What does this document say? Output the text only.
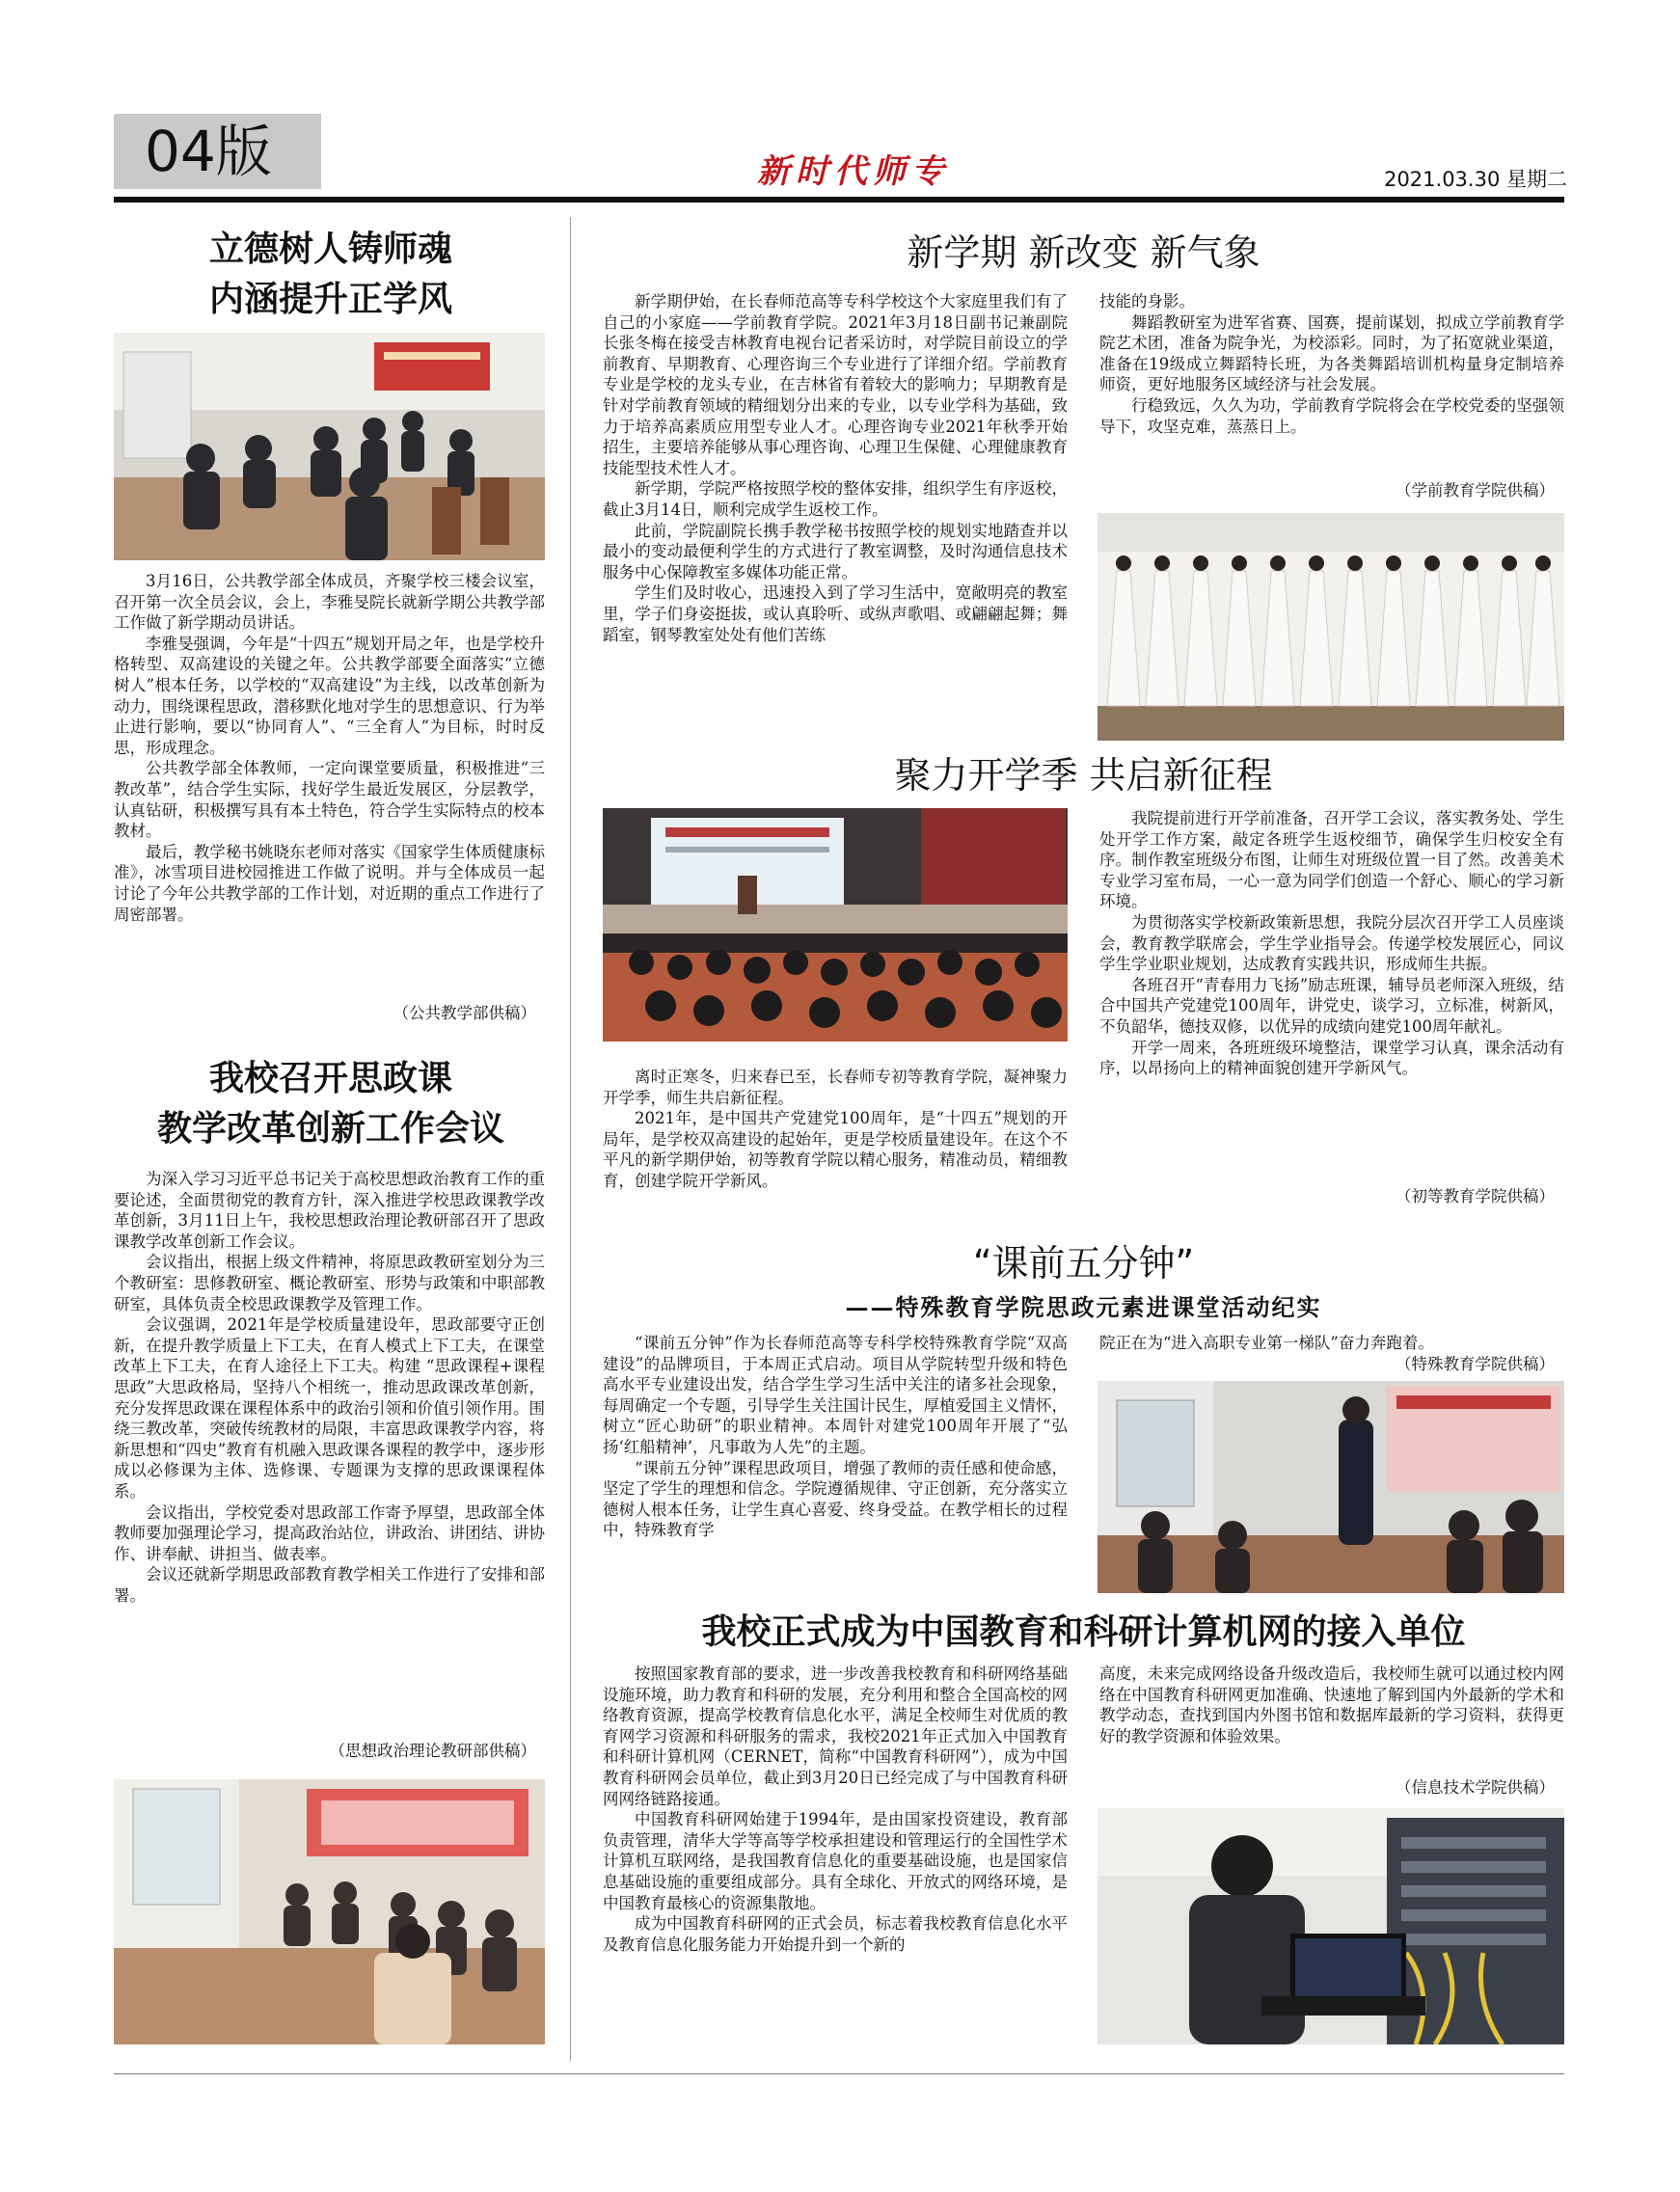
04版	新时代师专	2021.03.30 星期二
立德树人铸师魂
内涵提升正学风

3月16日，公共教学部全体成员，齐聚学校三楼会议室，召开第一次全员会议，会上，李雅旻院长就新学期公共教学部工作做了新学期动员讲话。

李雅旻强调，今年是“十四五”规划开局之年，也是学校升格转型、双高建设的关键之年。公共教学部要全面落实“立德树人”根本任务，以学校的“双高建设”为主线，以改革创新为动力，围绕课程思政，潜移默化地对学生的思想意识、行为举止进行影响，要以“协同育人”、“三全育人”为目标，时时反思，形成理念。

公共教学部全体教师，一定向课堂要质量，积极推进“三教改革”，结合学生实际，找好学生最近发展区，分层教学，认真钻研，积极撰写具有本土特色，符合学生实际特点的校本教材。

最后，教学秘书姚晓东老师对落实《国家学生体质健康标准》，冰雪项目进校园推进工作做了说明。并与全体成员一起讨论了今年公共教学部的工作计划，对近期的重点工作进行了周密部署。

（公共教学部供稿）
我校召开思政课
教学改革创新工作会议

为深入学习习近平总书记关于高校思想政治教育工作的重要论述，全面贯彻党的教育方针，深入推进学校思政课教学改革创新，3月11日上午，我校思想政治理论教研部召开了思政课教学改革创新工作会议。

会议指出，根据上级文件精神，将原思政教研室划分为三个教研室：思修教研室、概论教研室、形势与政策和中职部教研室，具体负责全校思政课教学及管理工作。

会议强调，2021年是学校质量建设年，思政部要守正创新，在提升教学质量上下工夫，在育人模式上下工夫，在课堂改革上下工夫，在育人途径上下工夫。构建 “思政课程+课程思政”大思政格局，坚持八个相统一，推动思政课改革创新，充分发挥思政课在课程体系中的政治引领和价值引领作用。围绕三教改革，突破传统教材的局限，丰富思政课教学内容，将新思想和“四史”教育有机融入思政课各课程的教学中，逐步形成以必修课为主体、选修课、专题课为支撑的思政课课程体系。

会议指出，学校党委对思政部工作寄予厚望，思政部全体教师要加强理论学习，提高政治站位，讲政治、讲团结、讲协作、讲奉献、讲担当、做表率。

会议还就新学期思政部教育教学相关工作进行了安排和部署。

（思想政治理论教研部供稿）
新学期 新改变 新气象

新学期伊始，在长春师范高等专科学校这个大家庭里我们有了自己的小家庭——学前教育学院。2021年3月18日副书记兼副院长张冬梅在接受吉林教育电视台记者采访时，对学院目前设立的学前教育、早期教育、心理咨询三个专业进行了详细介绍。学前教育专业是学校的龙头专业，在吉林省有着较大的影响力；早期教育是针对学前教育领域的精细划分出来的专业，以专业学科为基础，致力于培养高素质应用型专业人才。心理咨询专业2021年秋季开始招生，主要培养能够从事心理咨询、心理卫生保健、心理健康教育技能型技术性人才。

新学期，学院严格按照学校的整体安排，组织学生有序返校，截止3月14日，顺利完成学生返校工作。

此前，学院副院长携手教学秘书按照学校的规划实地踏查并以最小的变动最便利学生的方式进行了教室调整，及时沟通信息技术服务中心保障教室多媒体功能正常。

学生们及时收心，迅速投入到了学习生活中，宽敞明亮的教室里，学子们身姿挺拔，或认真聆听、或纵声歌唱、或翩翩起舞；舞蹈室，钢琴教室处处有他们苦练

技能的身影。

舞蹈教研室为进军省赛、国赛，提前谋划，拟成立学前教育学院艺术团，准备为院争光，为校添彩。同时，为了拓宽就业渠道，准备在19级成立舞蹈特长班，为各类舞蹈培训机构量身定制培养师资，更好地服务区域经济与社会发展。

行稳致远，久久为功，学前教育学院将会在学校党委的坚强领导下，攻坚克难，蒸蒸日上。

（学前教育学院供稿）
聚力开学季 共启新征程

离时正寒冬，归来春已至，长春师专初等教育学院，凝神聚力开学季，师生共启新征程。

2021年，是中国共产党建党100周年，是“十四五”规划的开局年，是学校双高建设的起始年，更是学校质量建设年。在这个不平凡的新学期伊始，初等教育学院以精心服务，精准动员，精细教育，创建学院开学新风。

我院提前进行开学前准备，召开学工会议，落实教务处、学生处开学工作方案，敲定各班学生返校细节，确保学生归校安全有序。制作教室班级分布图，让师生对班级位置一目了然。改善美术专业学习室布局，一心一意为同学们创造一个舒心、顺心的学习新环境。

为贯彻落实学校新政策新思想，我院分层次召开学工人员座谈会，教育教学联席会，学生学业指导会。传递学校发展匠心，同议学生学业职业规划，达成教育实践共识，形成师生共振。

各班召开“青春用力飞扬”励志班课，辅导员老师深入班级，结合中国共产党建党100周年，讲党史，谈学习，立标准，树新风，不负韶华，德技双修，以优异的成绩向建党100周年献礼。

开学一周来，各班班级环境整洁，课堂学习认真，课余活动有序，以昂扬向上的精神面貌创建开学新风气。

（初等教育学院供稿）
“课前五分钟”
——特殊教育学院思政元素进课堂活动纪实

“课前五分钟”作为长春师范高等专科学校特殊教育学院“双高建设”的品牌项目，于本周正式启动。项目从学院转型升级和特色高水平专业建设出发，结合学生学习生活中关注的诸多社会现象，每周确定一个专题，引导学生关注国计民生，厚植爱国主义情怀，树立“匠心助研”的职业精神。本周针对建党100周年开展了“弘扬‘红船精神’，凡事敢为人先”的主题。

“课前五分钟”课程思政项目，增强了教师的责任感和使命感，坚定了学生的理想和信念。学院遵循规律、守正创新，充分落实立德树人根本任务，让学生真心喜爱、终身受益。在教学相长的过程中，特殊教育学

院正在为“进入高职专业第一梯队”奋力奔跑着。

（特殊教育学院供稿）
我校正式成为中国教育和科研计算机网的接入单位

按照国家教育部的要求，进一步改善我校教育和科研网络基础设施环境，助力教育和科研的发展，充分利用和整合全国高校的网络教育资源，提高学校教育信息化水平，满足全校师生对优质的教育网学习资源和科研服务的需求，我校2021年正式加入中国教育和科研计算机网（CERNET，简称“中国教育科研网”），成为中国教育科研网会员单位，截止到3月20日已经完成了与中国教育科研网网络链路接通。

中国教育科研网始建于1994年，是由国家投资建设，教育部负责管理，清华大学等高等学校承担建设和管理运行的全国性学术计算机互联网络，是我国教育信息化的重要基础设施，也是国家信息基础设施的重要组成部分。具有全球化、开放式的网络环境，是中国教育最核心的资源集散地。

成为中国教育科研网的正式会员，标志着我校教育信息化水平及教育信息化服务能力开始提升到一个新的

高度，未来完成网络设备升级改造后，我校师生就可以通过校内网络在中国教育科研网更加准确、快速地了解到国内外最新的学术和教学动态，查找到国内外图书馆和数据库最新的学习资料，获得更好的教学资源和体验效果。

（信息技术学院供稿）
